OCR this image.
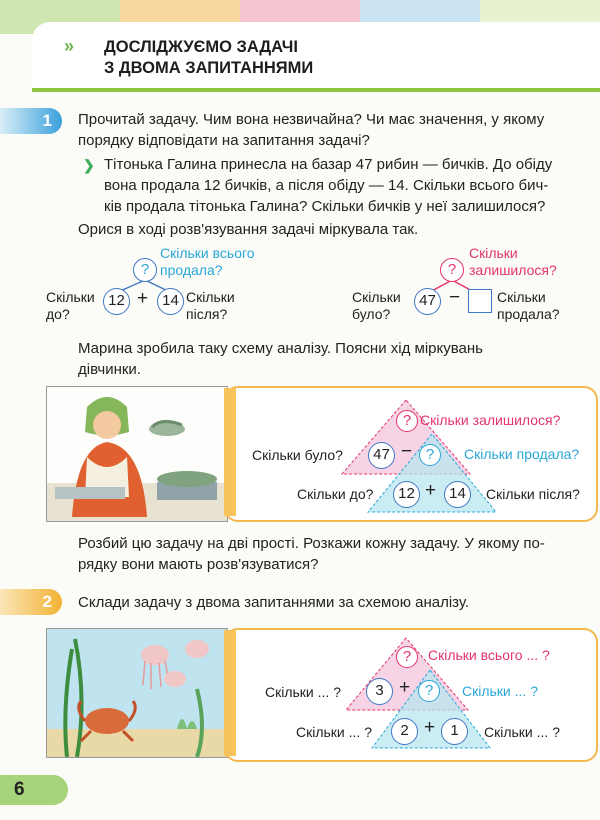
» ДОСЛІДЖУЄМО ЗАДАЧІ
З ДВОМА ЗАПИТАННЯМИ
1 Прочитай задачу. Чим вона незвичайна? Чи має значення, у якому
порядку відповідати на запитання задачі?
❯ Тітонька Галина принесла на базар 47 рибин — бичків. До обіду
вона продала 12 бичків, а після обіду — 14. Скільки всього бич-
ків продала тітонька Галина? Скільки бичків у неї залишилося?
Орися в ході розв'язування задачі міркувала так.
?
Скільки всього
продала?
Скільки
до?
12 + 14 Скільки
після?
?
Скільки
залишилося?
Скільки
було?
47 −	Скільки
продала?
Марина зробила таку схему аналізу. Поясни хід міркувань
дівчинки.
? Скільки залишилося?
Скільки було?	47 − ?	Скільки продала?
Скільки до?	12 + 14	Скільки після?
Розбий цю задачу на дві прості. Розкажи кожну задачу. У якому по-
рядку вони мають розв'язуватися?
2 Склади задачу з двома запитаннями за схемою аналізу.
?	Скільки всього ... ?
Скільки ... ?	3 + ?	Скільки ... ?
Скільки ... ?	2 +	1	Скільки ... ?
6
